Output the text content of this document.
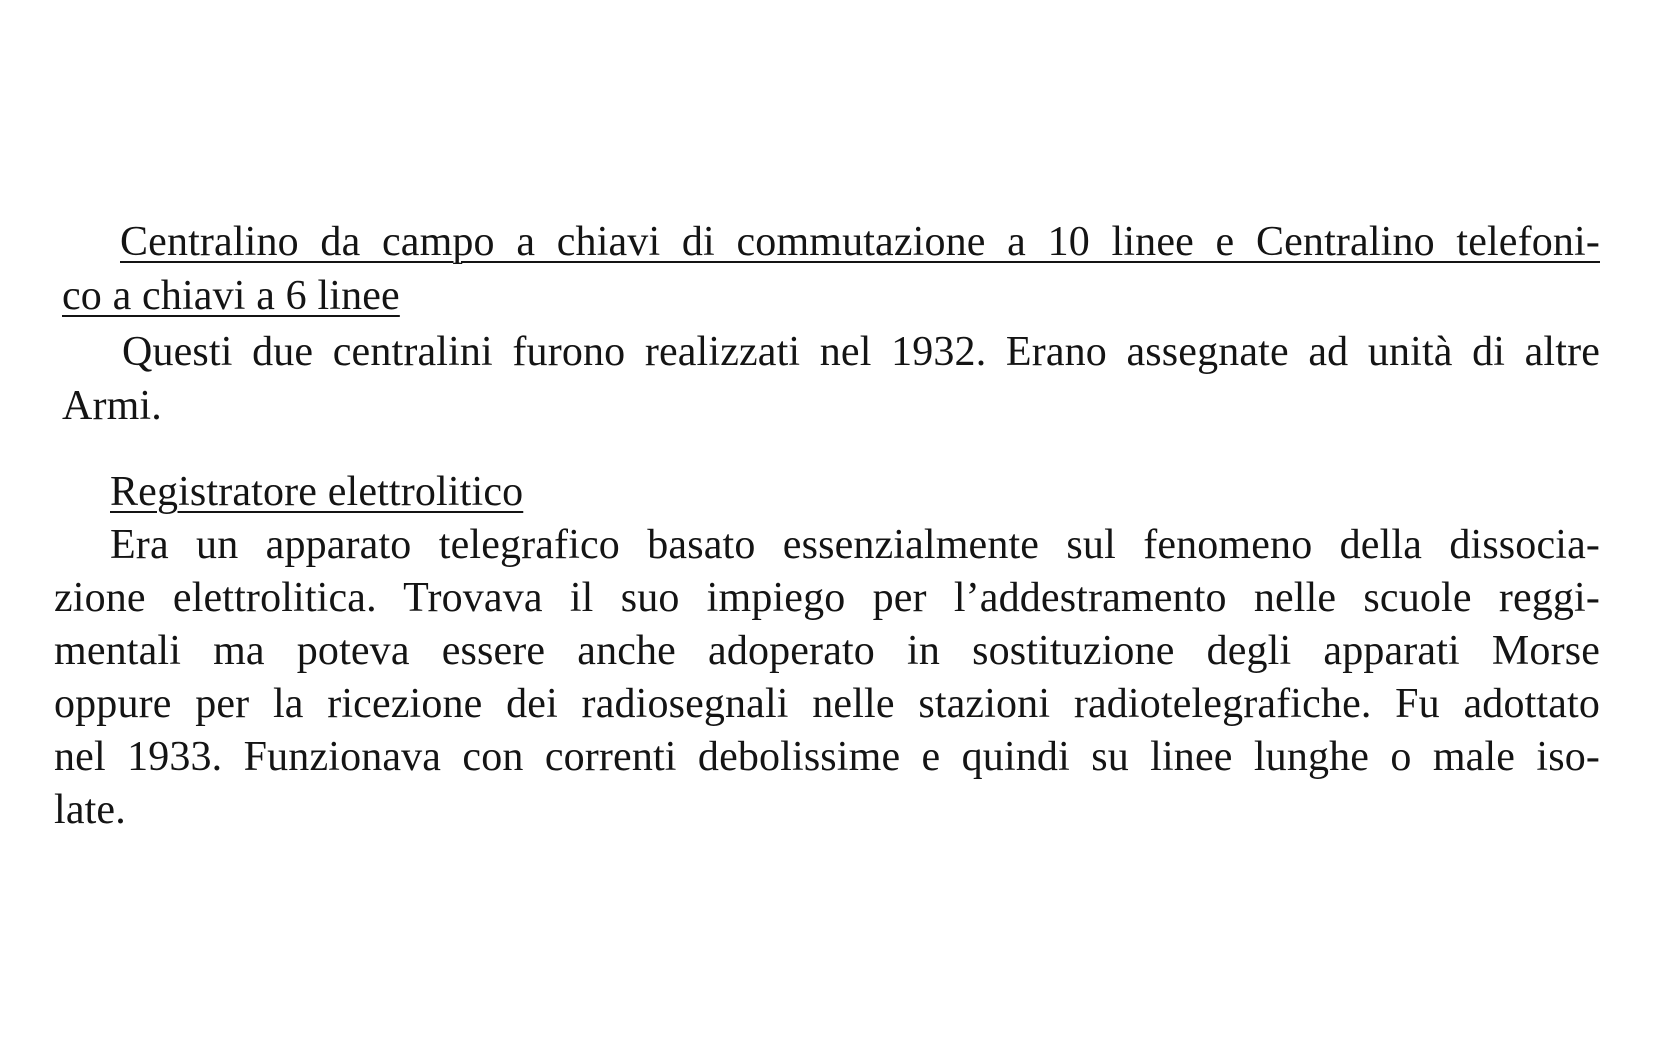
Centralino da campo a chiavi di commutazione a 10 linee e Centralino telefoni-
co a chiavi a 6 linee
Questi due centralini furono realizzati nel 1932. Erano assegnate ad unità di altre
Armi.
Registratore elettrolitico
Era un apparato telegrafico basato essenzialmente sul fenomeno della dissocia-
zione elettrolitica. Trovava il suo impiego per l’addestramento nelle scuole reggi-
mentali ma poteva essere anche adoperato in sostituzione degli apparati Morse
oppure per la ricezione dei radiosegnali nelle stazioni radiotelegrafiche. Fu adottato
nel 1933. Funzionava con correnti debolissime e quindi su linee lunghe o male iso-
late.
